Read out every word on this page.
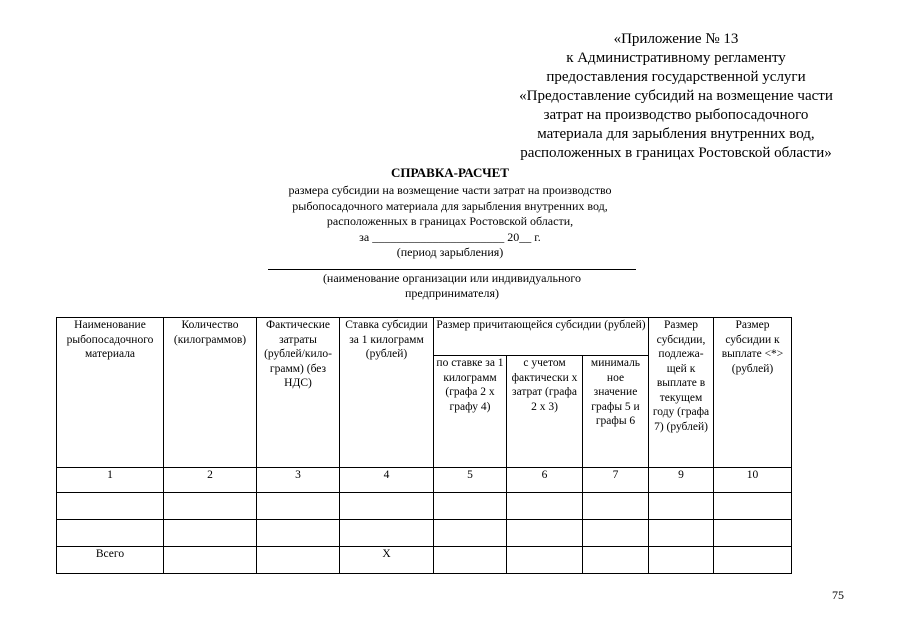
«Приложение № 13
к Административному регламенту
предоставления государственной услуги
«Предоставление субсидий на возмещение части
затрат на производство рыбопосадочного
материала для зарыбления внутренних вод,
расположенных в границах Ростовской области»
СПРАВКА-РАСЧЕТ
размера субсидии на возмещение части затрат на производство
рыбопосадочного материала для зарыбления внутренних вод,
расположенных в границах Ростовской области,
за ______________________ 20__ г.
(период зарыбления)
(наименование организации или индивидуального
предпринимателя)
Наименование рыбопосадочного материала	Количество (килограммов)	Фактические затраты (рублей/кило-грамм) (без НДС)	Ставка субсидии за 1 килограмм (рублей)	Размер причитающейся субсидии (рублей)			Размер субсидии, подлежа-щей к выплате в текущем году (графа 7) (рублей)	Размер субсидии к выплате <*> (рублей)
				по ставке за 1 килограмм (графа 2 х графу 4)	с учетом фактически х затрат (графа 2 х 3)	минималь ное значение графы 5 и графы 6		
1	2	3	4	5	6	7	9	10

Всего			Х					
75
